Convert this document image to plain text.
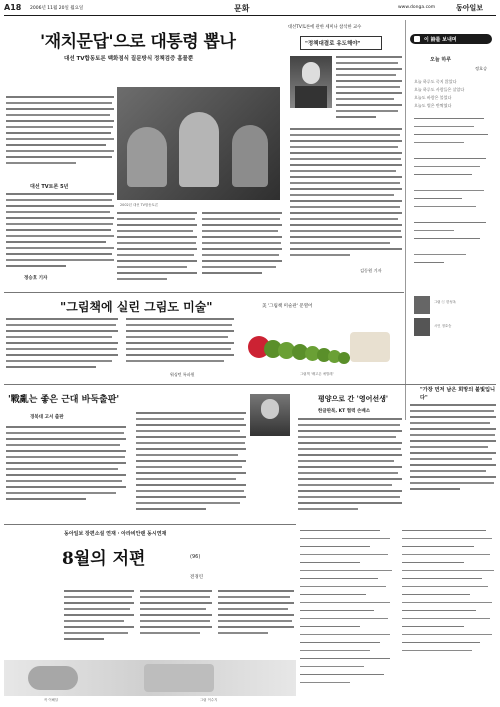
A18 2006년 11월 20일 월요일	문화	www.donga.com	동아일보
'재치문답'으로 대통령 뽑나
대선 TV합동토론 백화점식 질문방식 정책검증 흠물뿐
대선 TV토론 5년
정승호 기자
2002년 대선 TV합동토론
대선TV토론에 관한 세미나 참석한 교수
"정책대결로 유도해야"
김동원 기자
이 詩를 보내며
오늘 하루
정호승
오늘 하루도 죽지 않았다
오늘 하루도 사람들은 살았다
오늘도 바람은 불었다
오늘도 별은 반짝였다
그림 ⓒ 한성옥
시인 정호승
"그림책에 실린 그림도 미술"	美 '그림책 미술관' 문열어
워싱턴 특파원	그림책 '배고픈 애벌레'
'戰亂는 좋은 근대 바둑출판'
경북대 고서 출판
평양으로 간 '영어선생'
한글판북, KT 협력 손배소
"가장 먼저 남은 희망의 불빛입니다"
동아일보 장편소설 연재 · 아라비안랜 동시연재
8월의 저편	(96)
전경린
작 이해달	그림 이수지
